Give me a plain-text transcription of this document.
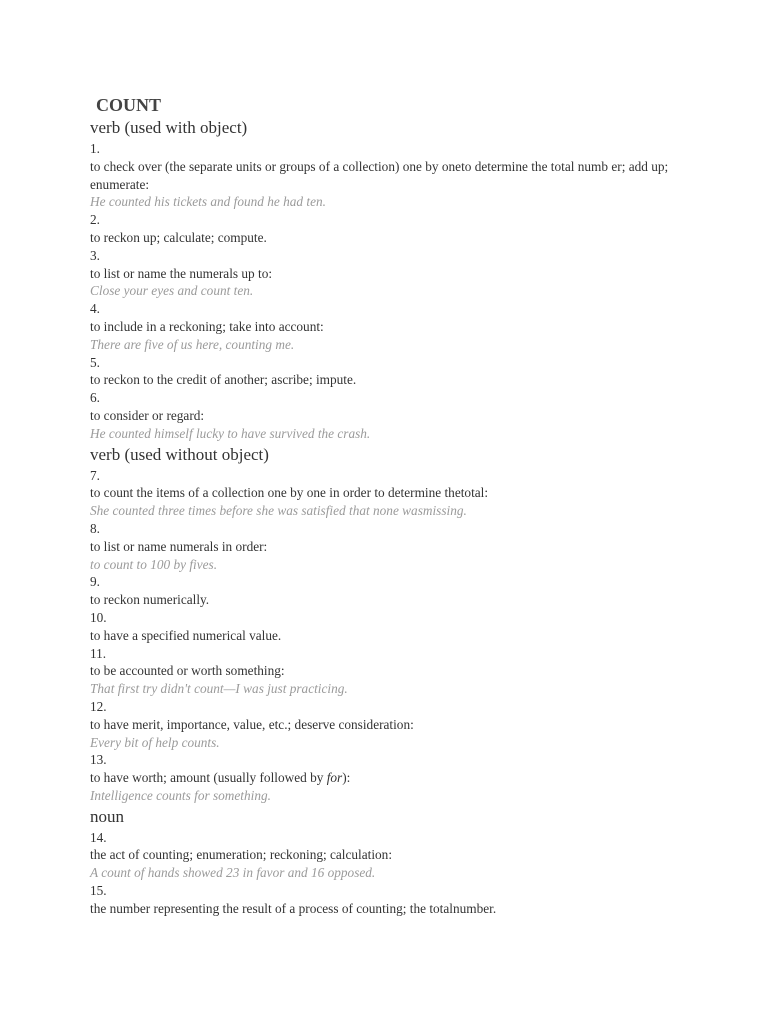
COUNT
verb (used with object)
1.
to check over (the separate units or groups of a collection) one by oneto determine the total numb er; add up; enumerate:
He counted his tickets and found he had ten.
2.
to reckon up; calculate; compute.
3.
to list or name the numerals up to:
Close your eyes and count ten.
4.
to include in a reckoning; take into account:
There are five of us here, counting me.
5.
to reckon to the credit of another; ascribe; impute.
6.
to consider or regard:
He counted himself lucky to have survived the crash.
verb (used without object)
7.
to count the items of a collection one by one in order to determine thetotal:
She counted three times before she was satisfied that none wasmissing.
8.
to list or name numerals in order:
to count to 100 by fives.
9.
to reckon numerically.
10.
to have a specified numerical value.
11.
to be accounted or worth something:
That first try didn't count—I was just practicing.
12.
to have merit, importance, value, etc.; deserve consideration:
Every bit of help counts.
13.
to have worth; amount (usually followed by for):
Intelligence counts for something.
noun
14.
the act of counting; enumeration; reckoning; calculation:
A count of hands showed 23 in favor and 16 opposed.
15.
the number representing the result of a process of counting; the totalnumber.
